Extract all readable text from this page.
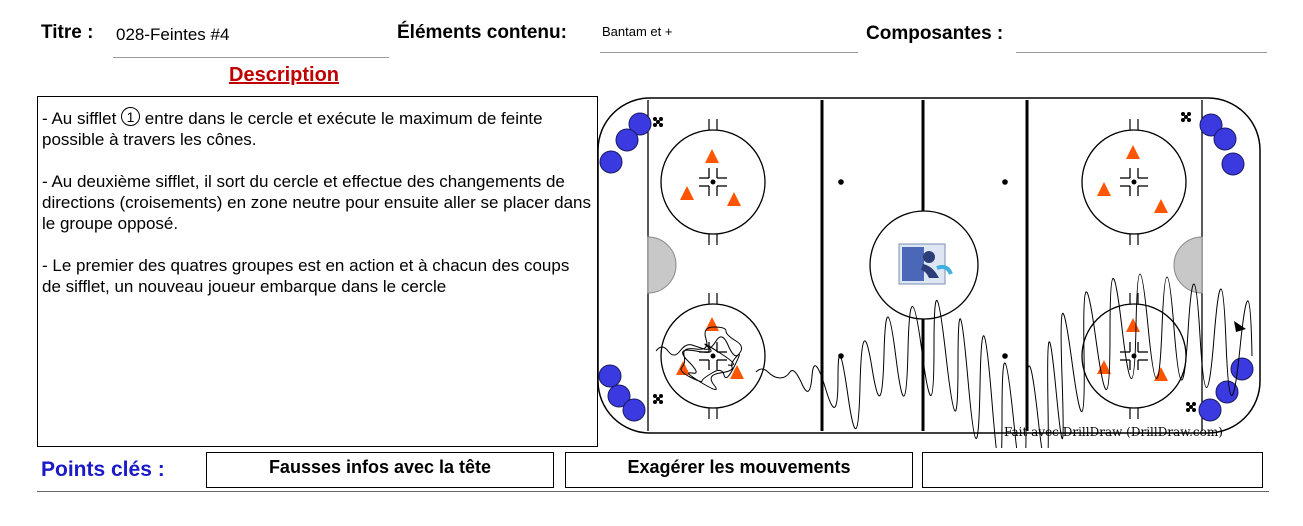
Titre : 028-Feintes #4	Éléments contenu:	Bantam et +	Composantes :
Description

- Au sifflet 1 entre dans le cercle et exécute le maximum de feinte possible à travers les cônes.

- Au deuxième sifflet, il sort du cercle et effectue des changements de directions (croisements) en zone neutre pour ensuite aller se placer dans le groupe opposé.

- Le premier des quatres groupes est en action et à chacun des coups de sifflet, un nouveau joueur embarque dans le cercle

Fait avec DrillDraw (DrillDraw.com)
Points clés :	Fausses infos avec la tête	Exagérer les mouvements
